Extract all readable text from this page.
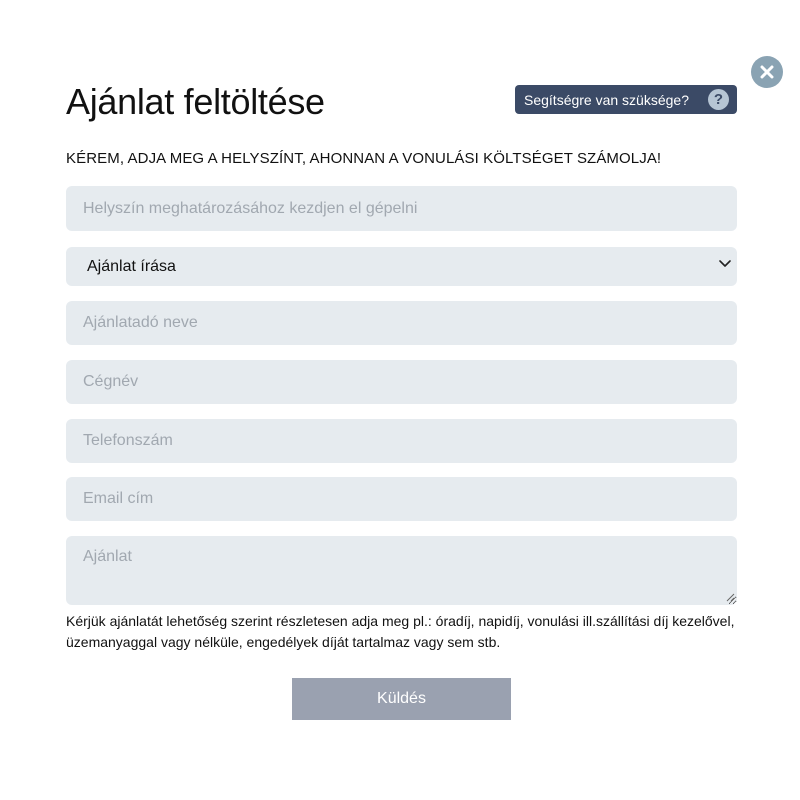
Ajánlat feltöltése	Segítségre van szüksége?	?
KÉREM, ADJA MEG A HELYSZÍNT, AHONNAN A VONULÁSI KÖLTSÉGET SZÁMOLJA!
Helyszín meghatározásához kezdjen el gépelni
Ajánlat írása
Ajánlatadó neve
Cégnév
Telefonszám
Email cím
Ajánlat
Kérjük ajánlatát lehetőség szerint részletesen adja meg pl.: óradíj, napidíj, vonulási ill.szállítási díj kezelővel, üzemanyaggal vagy nélküle, engedélyek díját tartalmaz vagy sem stb.
Küldés
